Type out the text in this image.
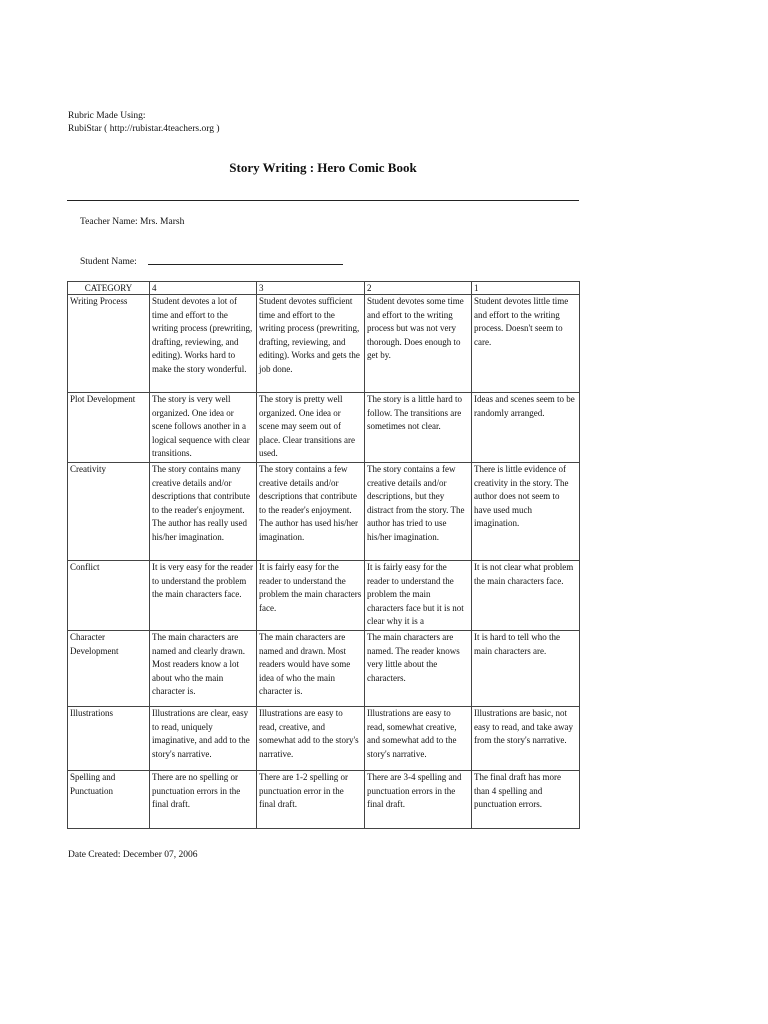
Rubric Made Using:
RubiStar ( http://rubistar.4teachers.org )
Story Writing : Hero Comic Book
Teacher Name: Mrs. Marsh
Student Name:
CATEGORY	4	3	2	1
Writing Process	Student devotes a lot of time and effort to the writing process (prewriting, drafting, reviewing, and editing). Works hard to make the story wonderful.	Student devotes sufficient time and effort to the writing process (prewriting, drafting, reviewing, and editing). Works and gets the job done.	Student devotes some time and effort to the writing process but was not very thorough. Does enough to get by.	Student devotes little time and effort to the writing process. Doesn't seem to care.
Plot Development	The story is very well organized. One idea or scene follows another in a logical sequence with clear transitions.	The story is pretty well organized. One idea or scene may seem out of place. Clear transitions are used.	The story is a little hard to follow. The transitions are sometimes not clear.	Ideas and scenes seem to be randomly arranged.
Creativity	The story contains many creative details and/or descriptions that contribute to the reader's enjoyment. The author has really used his/her imagination.	The story contains a few creative details and/or descriptions that contribute to the reader's enjoyment. The author has used his/her imagination.	The story contains a few creative details and/or descriptions, but they distract from the story. The author has tried to use his/her imagination.	There is little evidence of creativity in the story. The author does not seem to have used much imagination.
Conflict	It is very easy for the reader to understand the problem the main characters face.	It is fairly easy for the reader to understand the problem the main characters face.	It is fairly easy for the reader to understand the problem the main characters face but it is not clear why it is a	It is not clear what problem the main characters face.
Character Development	The main characters are named and clearly drawn. Most readers know a lot about who the main character is.	The main characters are named and drawn. Most readers would have some idea of who the main character is.	The main characters are named. The reader knows very little about the characters.	It is hard to tell who the main characters are.
Illustrations	Illustrations are clear, easy to read, uniquely imaginative, and add to the story's narrative.	Illustrations are easy to read, creative, and somewhat add to the story's narrative.	Illustrations are easy to read, somewhat creative, and somewhat add to the story's narrative.	Illustrations are basic, not easy to read, and take away from the story's narrative.
Spelling and Punctuation	There are no spelling or punctuation errors in the final draft.	There are 1-2 spelling or punctuation error in the final draft.	There are 3-4 spelling and punctuation errors in the final draft.	The final draft has more than 4 spelling and punctuation errors.
Date Created: December 07, 2006
